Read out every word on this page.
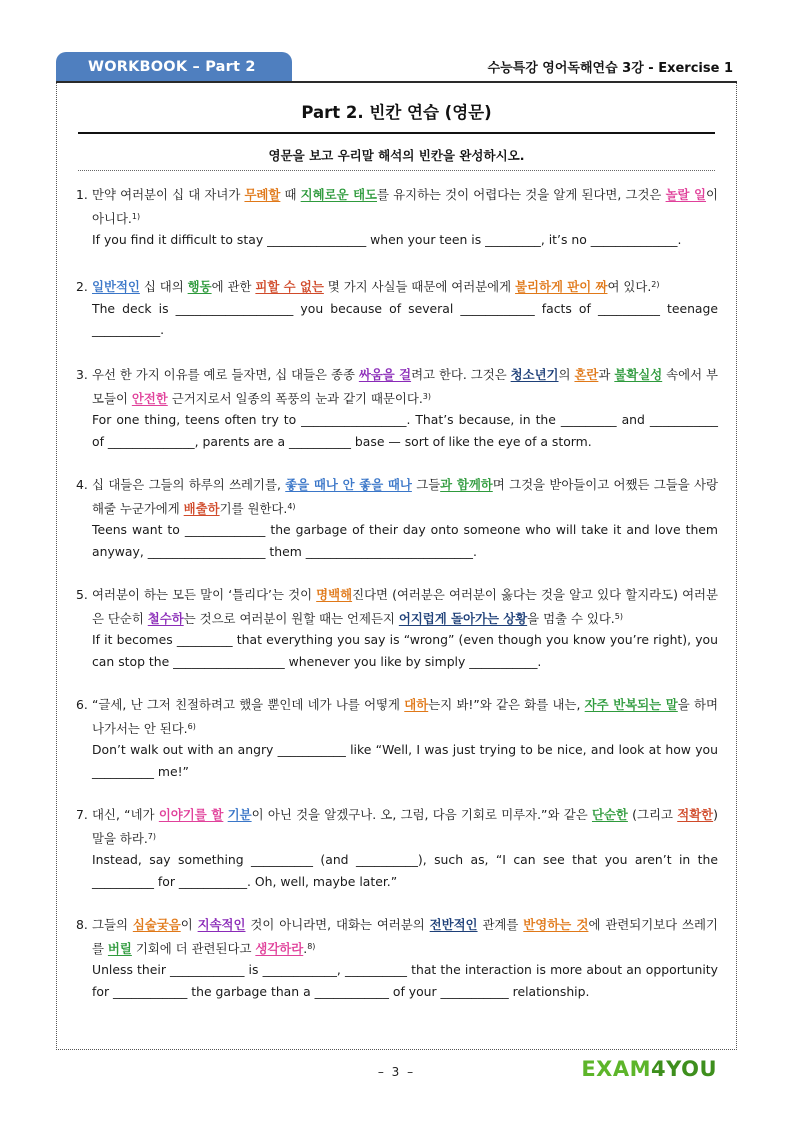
WORKBOOK – Part 2	수능특강 영어독해연습 3강 - Exercise 1
Part 2. 빈칸 연습 (영문)
영문을 보고 우리말 해석의 빈칸을 완성하시오.
1. 만약 여러분이 십 대 자녀가 무례할 때 지혜로운 태도를 유지하는 것이 어렵다는 것을 알게 된다면, 그것은 놀랄 일이 아니다.$^{1)}$
If you find it difficult to stay ________________ when your teen is _________, it’s no ______________.
2. 일반적인 십 대의 행동에 관한 피할 수 없는 몇 가지 사실들 때문에 여러분에게 불리하게 판이 짜여 있다.$^{2)}$
The deck is ___________________ you because of several ____________ facts of __________ teenage ___________.
3. 우선 한 가지 이유를 예로 들자면, 십 대들은 종종 싸움을 걸려고 한다. 그것은 청소년기의 혼란과 불확실성 속에서 부모들이 안전한 근거지로서 일종의 폭풍의 눈과 같기 때문이다.$^{3)}$
For one thing, teens often try to _________________. That’s because, in the _________ and ___________ of ______________, parents are a __________ base — sort of like the eye of a storm.
4. 십 대들은 그들의 하루의 쓰레기를, 좋을 때나 안 좋을 때나 그들과 함께하며 그것을 받아들이고 어쨌든 그들을 사랑해줄 누군가에게 배출하기를 원한다.$^{4)}$
Teens want to _____________ the garbage of their day onto someone who will take it and love them anyway, ___________________ them ___________________________.
5. 여러분이 하는 모든 말이 ‘틀리다’는 것이 명백해진다면 (여러분은 여러분이 옳다는 것을 알고 있다 할지라도) 여러분은 단순히 철수하는 것으로 여러분이 원할 때는 언제든지 어지럽게 돌아가는 상황을 멈출 수 있다.$^{5)}$
If it becomes _________ that everything you say is “wrong” (even though you know you’re right), you can stop the __________________ whenever you like by simply ___________.
6. “글세, 난 그저 친절하려고 했을 뿐인데 네가 나를 어떻게 대하는지 봐!”와 같은 화를 내는, 자주 반복되는 말을 하며 나가서는 안 된다.$^{6)}$
Don’t walk out with an angry ___________ like “Well, I was just trying to be nice, and look at how you __________ me!”
7. 대신, “네가 이야기를 할 기분이 아닌 것을 알겠구나. 오, 그럼, 다음 기회로 미루자.”와 같은 단순한 (그리고 적확한) 말을 하라.$^{7)}$
Instead, say something __________ (and __________), such as, “I can see that you aren’t in the __________ for ___________. Oh, well, maybe later.”
8. 그들의 심술궂음이 지속적인 것이 아니라면, 대화는 여러분의 전반적인 관계를 반영하는 것에 관련되기보다 쓰레기를 버릴 기회에 더 관련된다고 생각하라.$^{8)}$
Unless their ____________ is ____________, __________ that the interaction is more about an opportunity for ____________ the garbage than a ____________ of your ___________ relationship.
– 3 –	EXAM4YOU
